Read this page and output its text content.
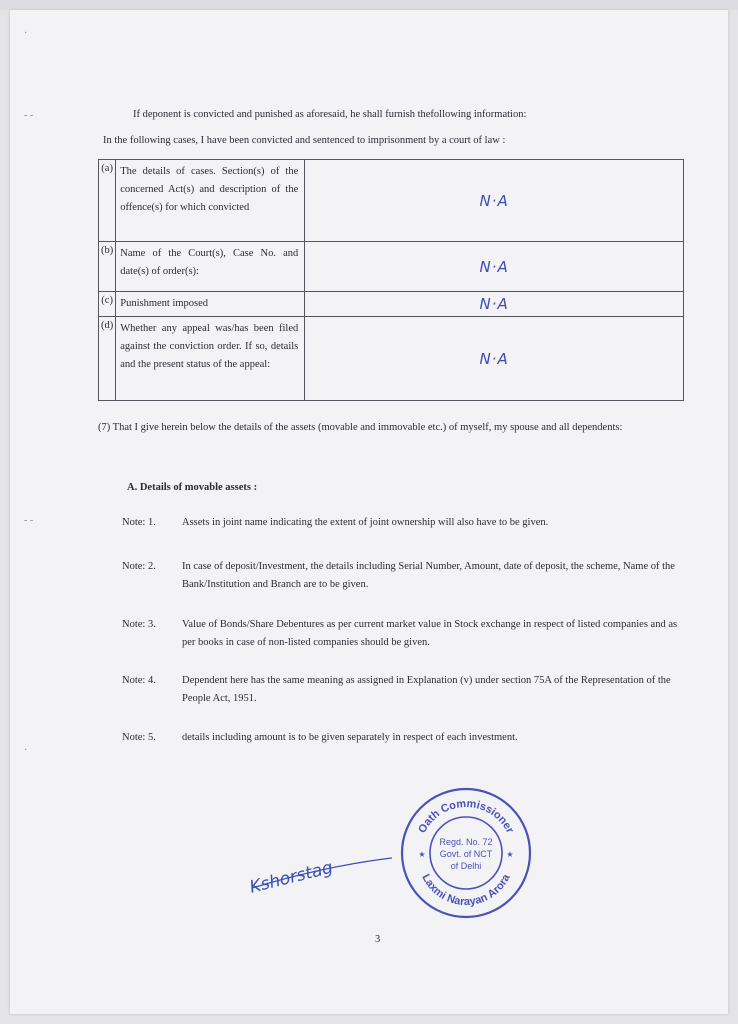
·
- -
- -
·
If deponent is convicted and punished as aforesaid, he shall furnish thefollowing information:
In the following cases, I have been convicted and sentenced to imprisonment by a court of law :
(a)	The details of cases. Section(s) of the concerned Act(s) and description of the offence(s) for which convicted	N·A
(b)	Name of the Court(s), Case No. and date(s) of order(s):	N·A
(c)	Punishment imposed	N·A
(d)	Whether any appeal was/has been filed against the conviction order. If so, details and the present status of the appeal:	N·A
(7) That I give herein below the details of the assets (movable and immovable etc.) of myself, my spouse and all dependents:
A. Details of movable assets :
Note: 1.	Assets in joint name indicating the extent of joint ownership will also have to be given.
Note: 2.	In case of deposit/Investment, the details including Serial Number, Amount, date of deposit, the scheme, Name of the Bank/Institution and Branch are to be given.
Note: 3.	Value of Bonds/Share Debentures as per current market value in Stock exchange in respect of listed companies and as per books in case of non-listed companies should be given.
Note: 4.	Dependent here has the same meaning as assigned in Explanation (v) under section 75A of the Representation of the People Act, 1951.
Note: 5.	details including amount is to be given separately in respect of each investment.
Kshorstag
Oath Commissioner
Laxmi Narayan Arora
Regd. No. 72
Govt. of NCT
of Delhi
★	★
3
